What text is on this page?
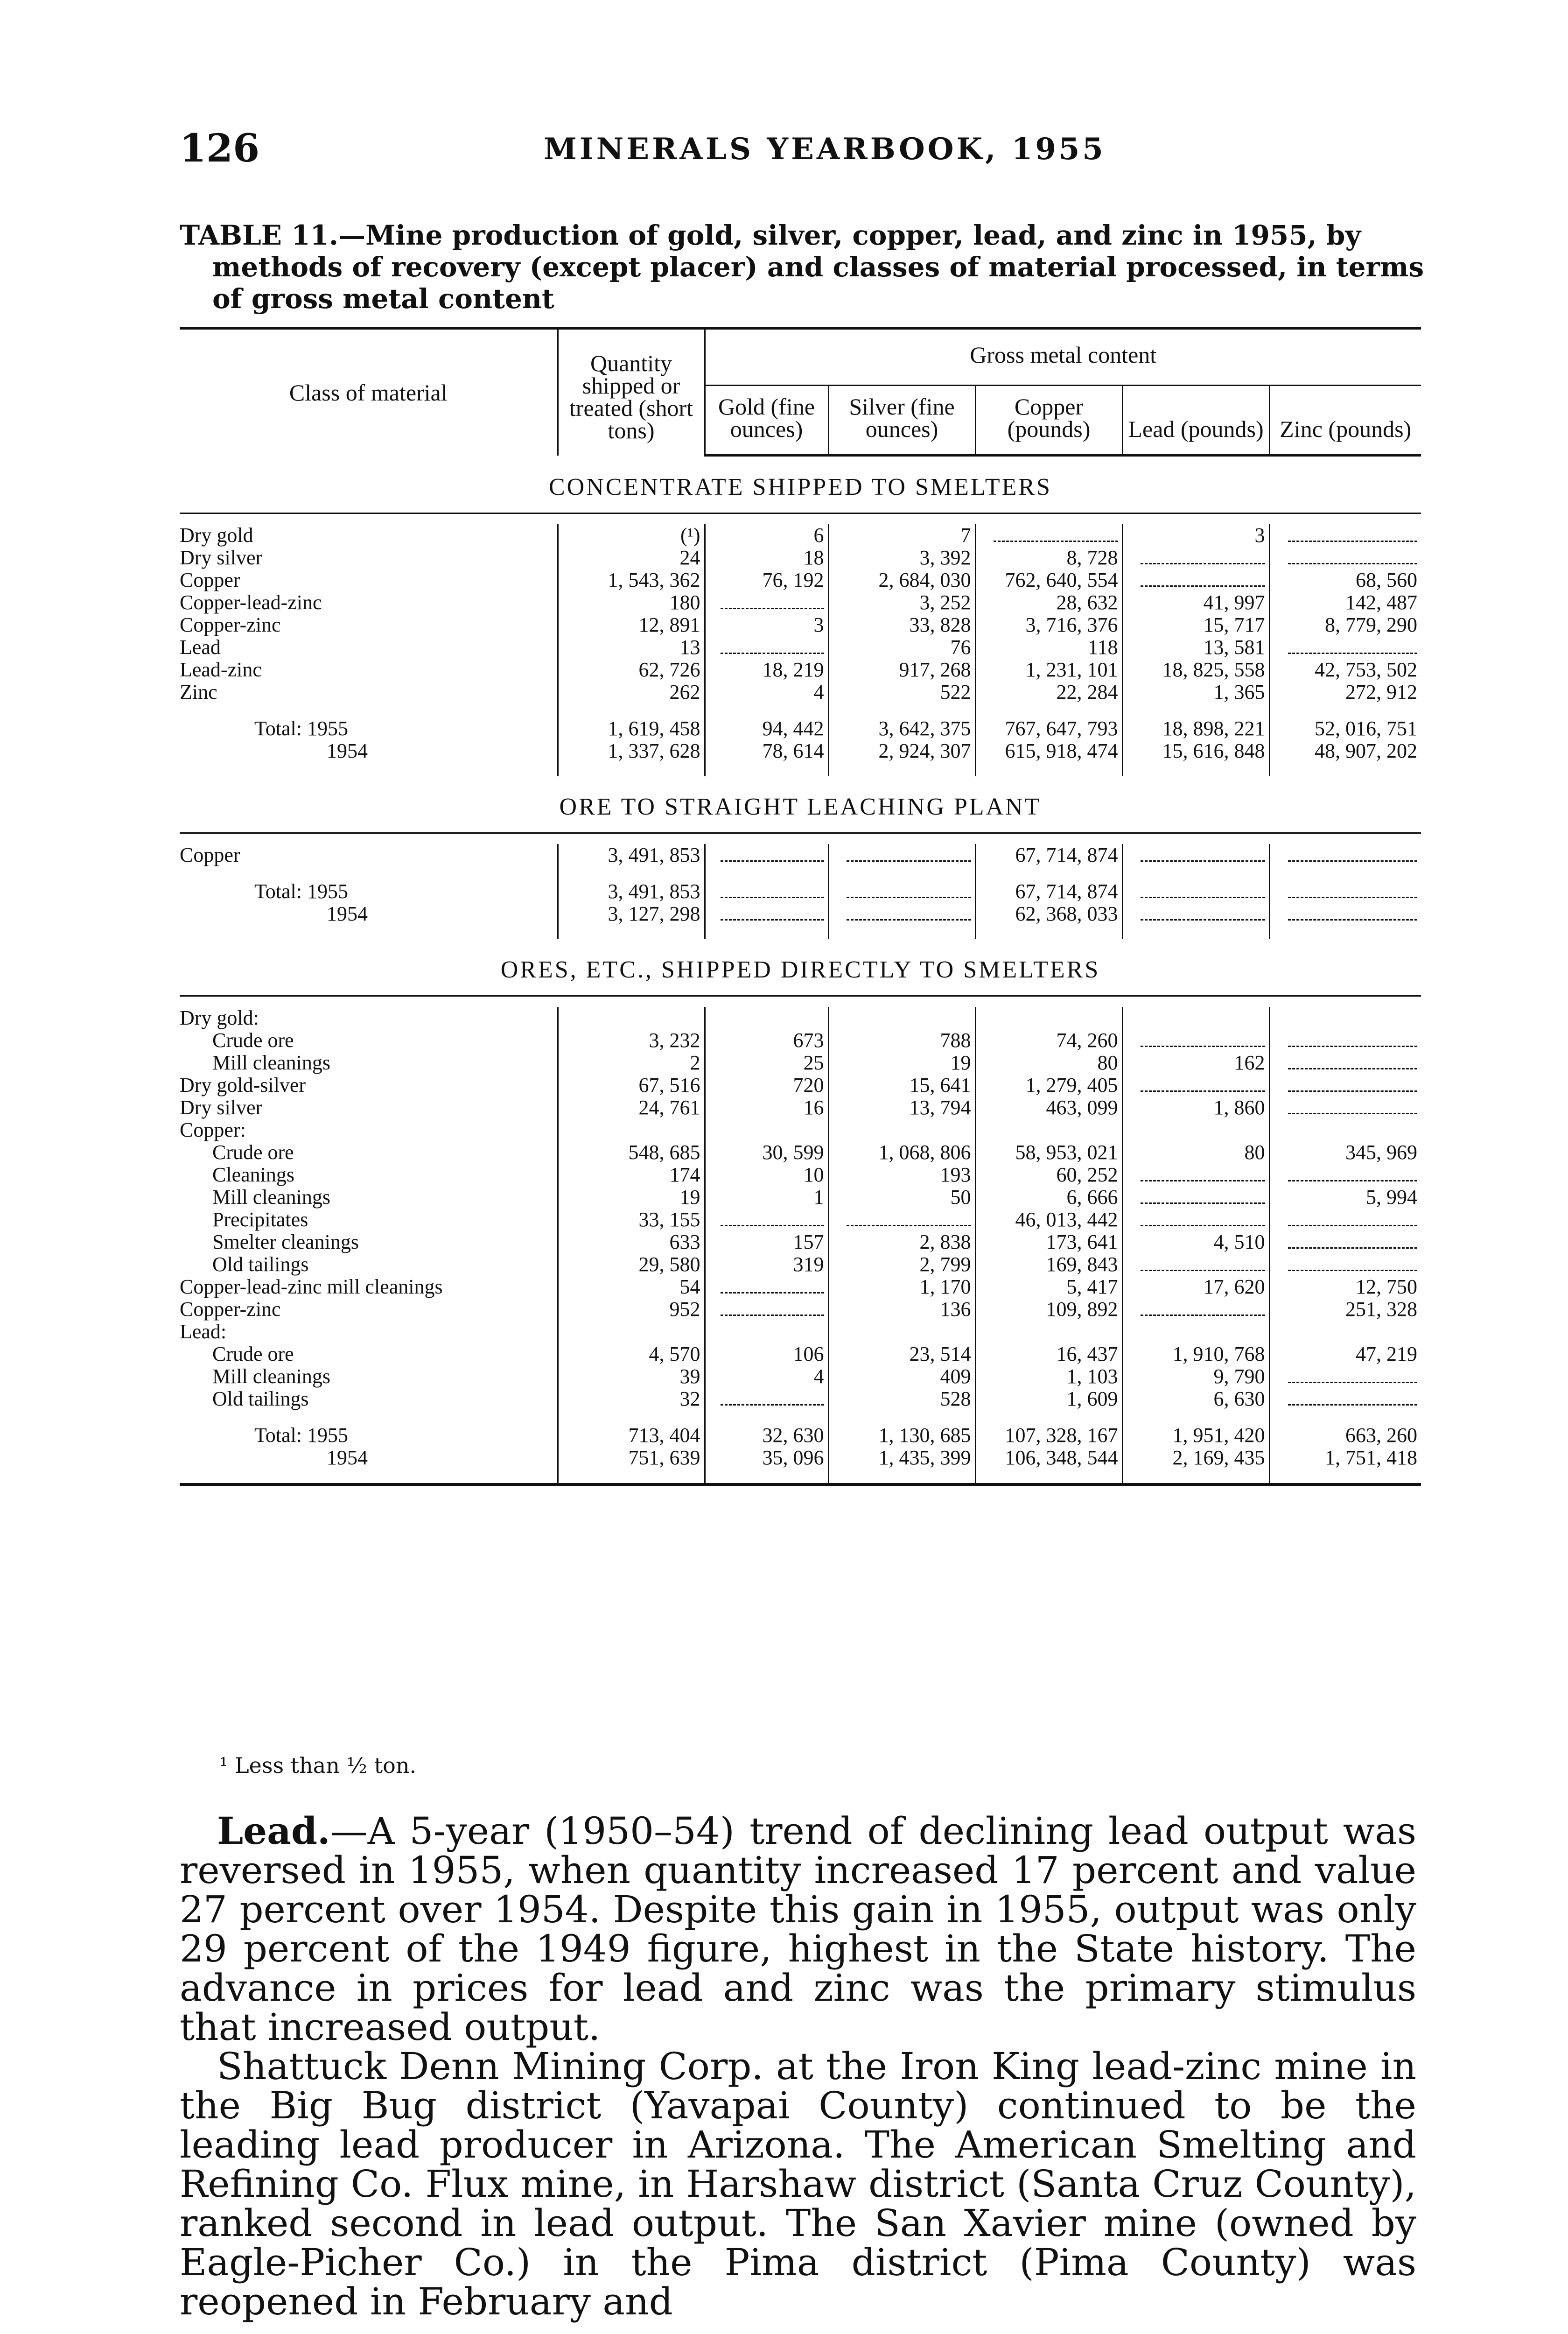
126	MINERALS YEARBOOK, 1955
TABLE 11.—Mine production of gold, silver, copper, lead, and zinc in 1955, by methods of recovery (except placer) and classes of material processed, in terms of gross metal content
Class of material	Quantity shipped or treated (short tons)	Gross metal content				
		Gold (fine ounces)	Silver (fine ounces)	Copper (pounds)	Lead (pounds)	Zinc (pounds)
CONCENTRATE SHIPPED TO SMELTERS						

Dry gold	(¹)	6	7		3	
Dry silver	24	18	3, 392	8, 728		
Copper	1, 543, 362	76, 192	2, 684, 030	762, 640, 554		68, 560
Copper-lead-zinc	180		3, 252	28, 632	41, 997	142, 487
Copper-zinc	12, 891	3	33, 828	3, 716, 376	15, 717	8, 779, 290
Lead	13		76	118	13, 581	
Lead-zinc	62, 726	18, 219	917, 268	1, 231, 101	18, 825, 558	42, 753, 502
Zinc	262	4	522	22, 284	1, 365	272, 912

Total: 1955	1, 619, 458	94, 442	3, 642, 375	767, 647, 793	18, 898, 221	52, 016, 751
1954	1, 337, 628	78, 614	2, 924, 307	615, 918, 474	15, 616, 848	48, 907, 202
ORE TO STRAIGHT LEACHING PLANT						

Copper	3, 491, 853			67, 714, 874		

Total: 1955	3, 491, 853			67, 714, 874		
1954	3, 127, 298			62, 368, 033		
ORES, ETC., SHIPPED DIRECTLY TO SMELTERS						

Dry gold:						
Crude ore	3, 232	673	788	74, 260		
Mill cleanings	2	25	19	80	162	
Dry gold-silver	67, 516	720	15, 641	1, 279, 405		
Dry silver	24, 761	16	13, 794	463, 099	1, 860	
Copper:						
Crude ore	548, 685	30, 599	1, 068, 806	58, 953, 021	80	345, 969
Cleanings	174	10	193	60, 252		
Mill cleanings	19	1	50	6, 666		5, 994
Precipitates	33, 155			46, 013, 442		
Smelter cleanings	633	157	2, 838	173, 641	4, 510	
Old tailings	29, 580	319	2, 799	169, 843		
Copper-lead-zinc mill cleanings	54		1, 170	5, 417	17, 620	12, 750
Copper-zinc	952		136	109, 892		251, 328
Lead:						
Crude ore	4, 570	106	23, 514	16, 437	1, 910, 768	47, 219
Mill cleanings	39	4	409	1, 103	9, 790	
Old tailings	32		528	1, 609	6, 630	

Total: 1955	713, 404	32, 630	1, 130, 685	107, 328, 167	1, 951, 420	663, 260
1954	751, 639	35, 096	1, 435, 399	106, 348, 544	2, 169, 435	1, 751, 418
¹ Less than ½ ton.

Lead.—A 5-year (1950–54) trend of declining lead output was reversed in 1955, when quantity increased 17 percent and value 27 percent over 1954. Despite this gain in 1955, output was only 29 percent of the 1949 figure, highest in the State history. The advance in prices for lead and zinc was the primary stimulus that increased output.

Shattuck Denn Mining Corp. at the Iron King lead-zinc mine in the Big Bug district (Yavapai County) continued to be the leading lead producer in Arizona. The American Smelting and Refining Co. Flux mine, in Harshaw district (Santa Cruz County), ranked second in lead output. The San Xavier mine (owned by Eagle-Picher Co.) in the Pima district (Pima County) was reopened in February and
